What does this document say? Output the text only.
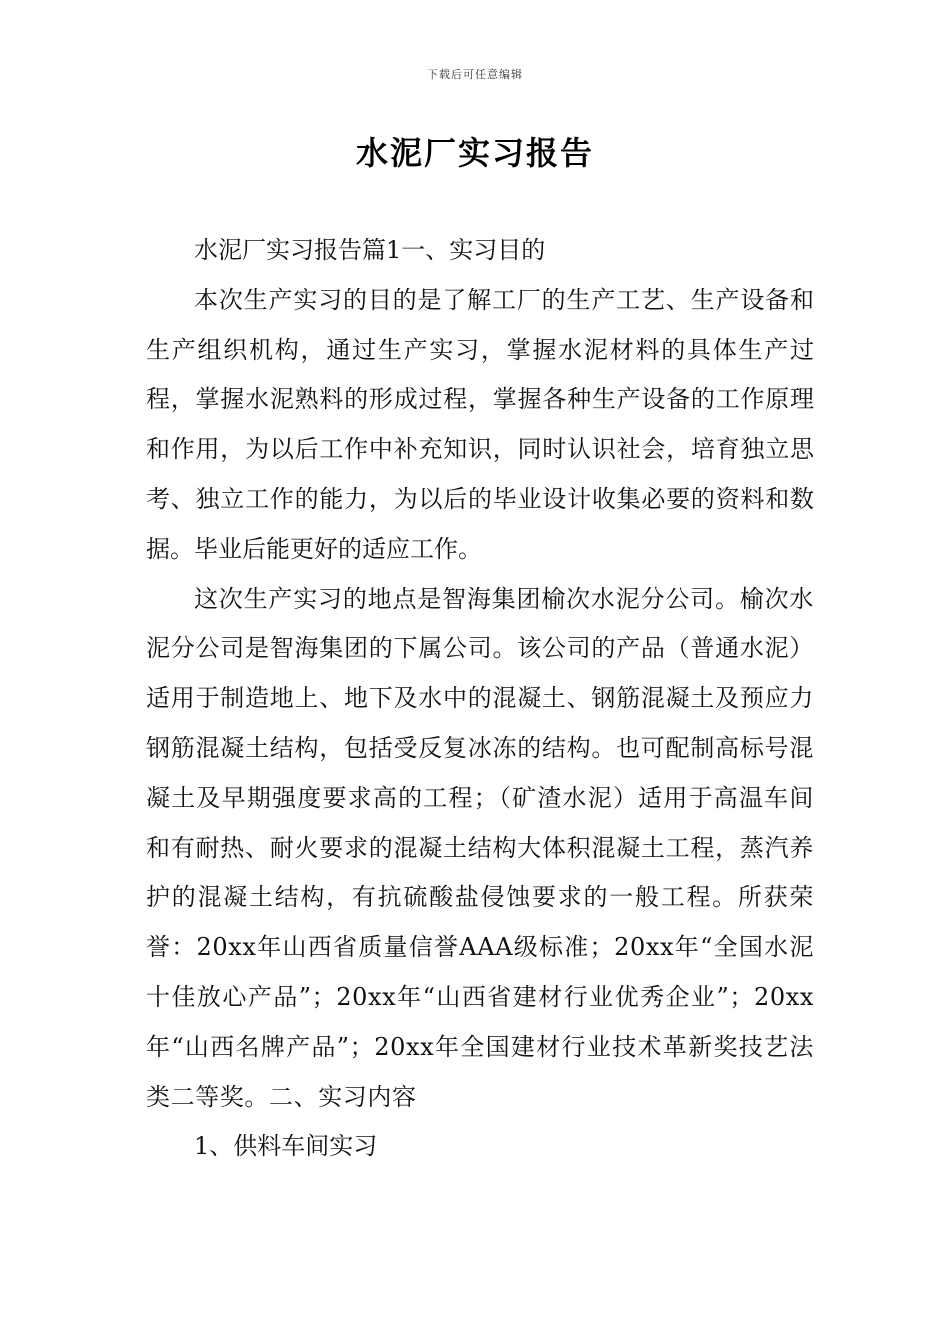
下载后可任意编辑
水泥厂实习报告

水泥厂实习报告篇1一、实习目的

本次生产实习的目的是了解工厂的生产工艺、生产设备和生产组织机构，通过生产实习，掌握水泥材料的具体生产过程，掌握水泥熟料的形成过程，掌握各种生产设备的工作原理和作用，为以后工作中补充知识，同时认识社会，培育独立思考、独立工作的能力，为以后的毕业设计收集必要的资料和数据。毕业后能更好的适应工作。

这次生产实习的地点是智海集团榆次水泥分公司。榆次水泥分公司是智海集团的下属公司。该公司的产品（普通水泥）适用于制造地上、地下及水中的混凝土、钢筋混凝土及预应力钢筋混凝土结构，包括受反复冰冻的结构。也可配制高标号混凝土及早期强度要求高的工程；（矿渣水泥）适用于高温车间和有耐热、耐火要求的混凝土结构大体积混凝土工程，蒸汽养护的混凝土结构，有抗硫酸盐侵蚀要求的一般工程。所获荣誉：20xx年山西省质量信誉AAA级标准；20xx年“全国水泥十佳放心产品”；20xx年“山西省建材行业优秀企业”；20xx年“山西名牌产品”；20xx年全国建材行业技术革新奖技艺法类二等奖。二、实习内容

1、供料车间实习
